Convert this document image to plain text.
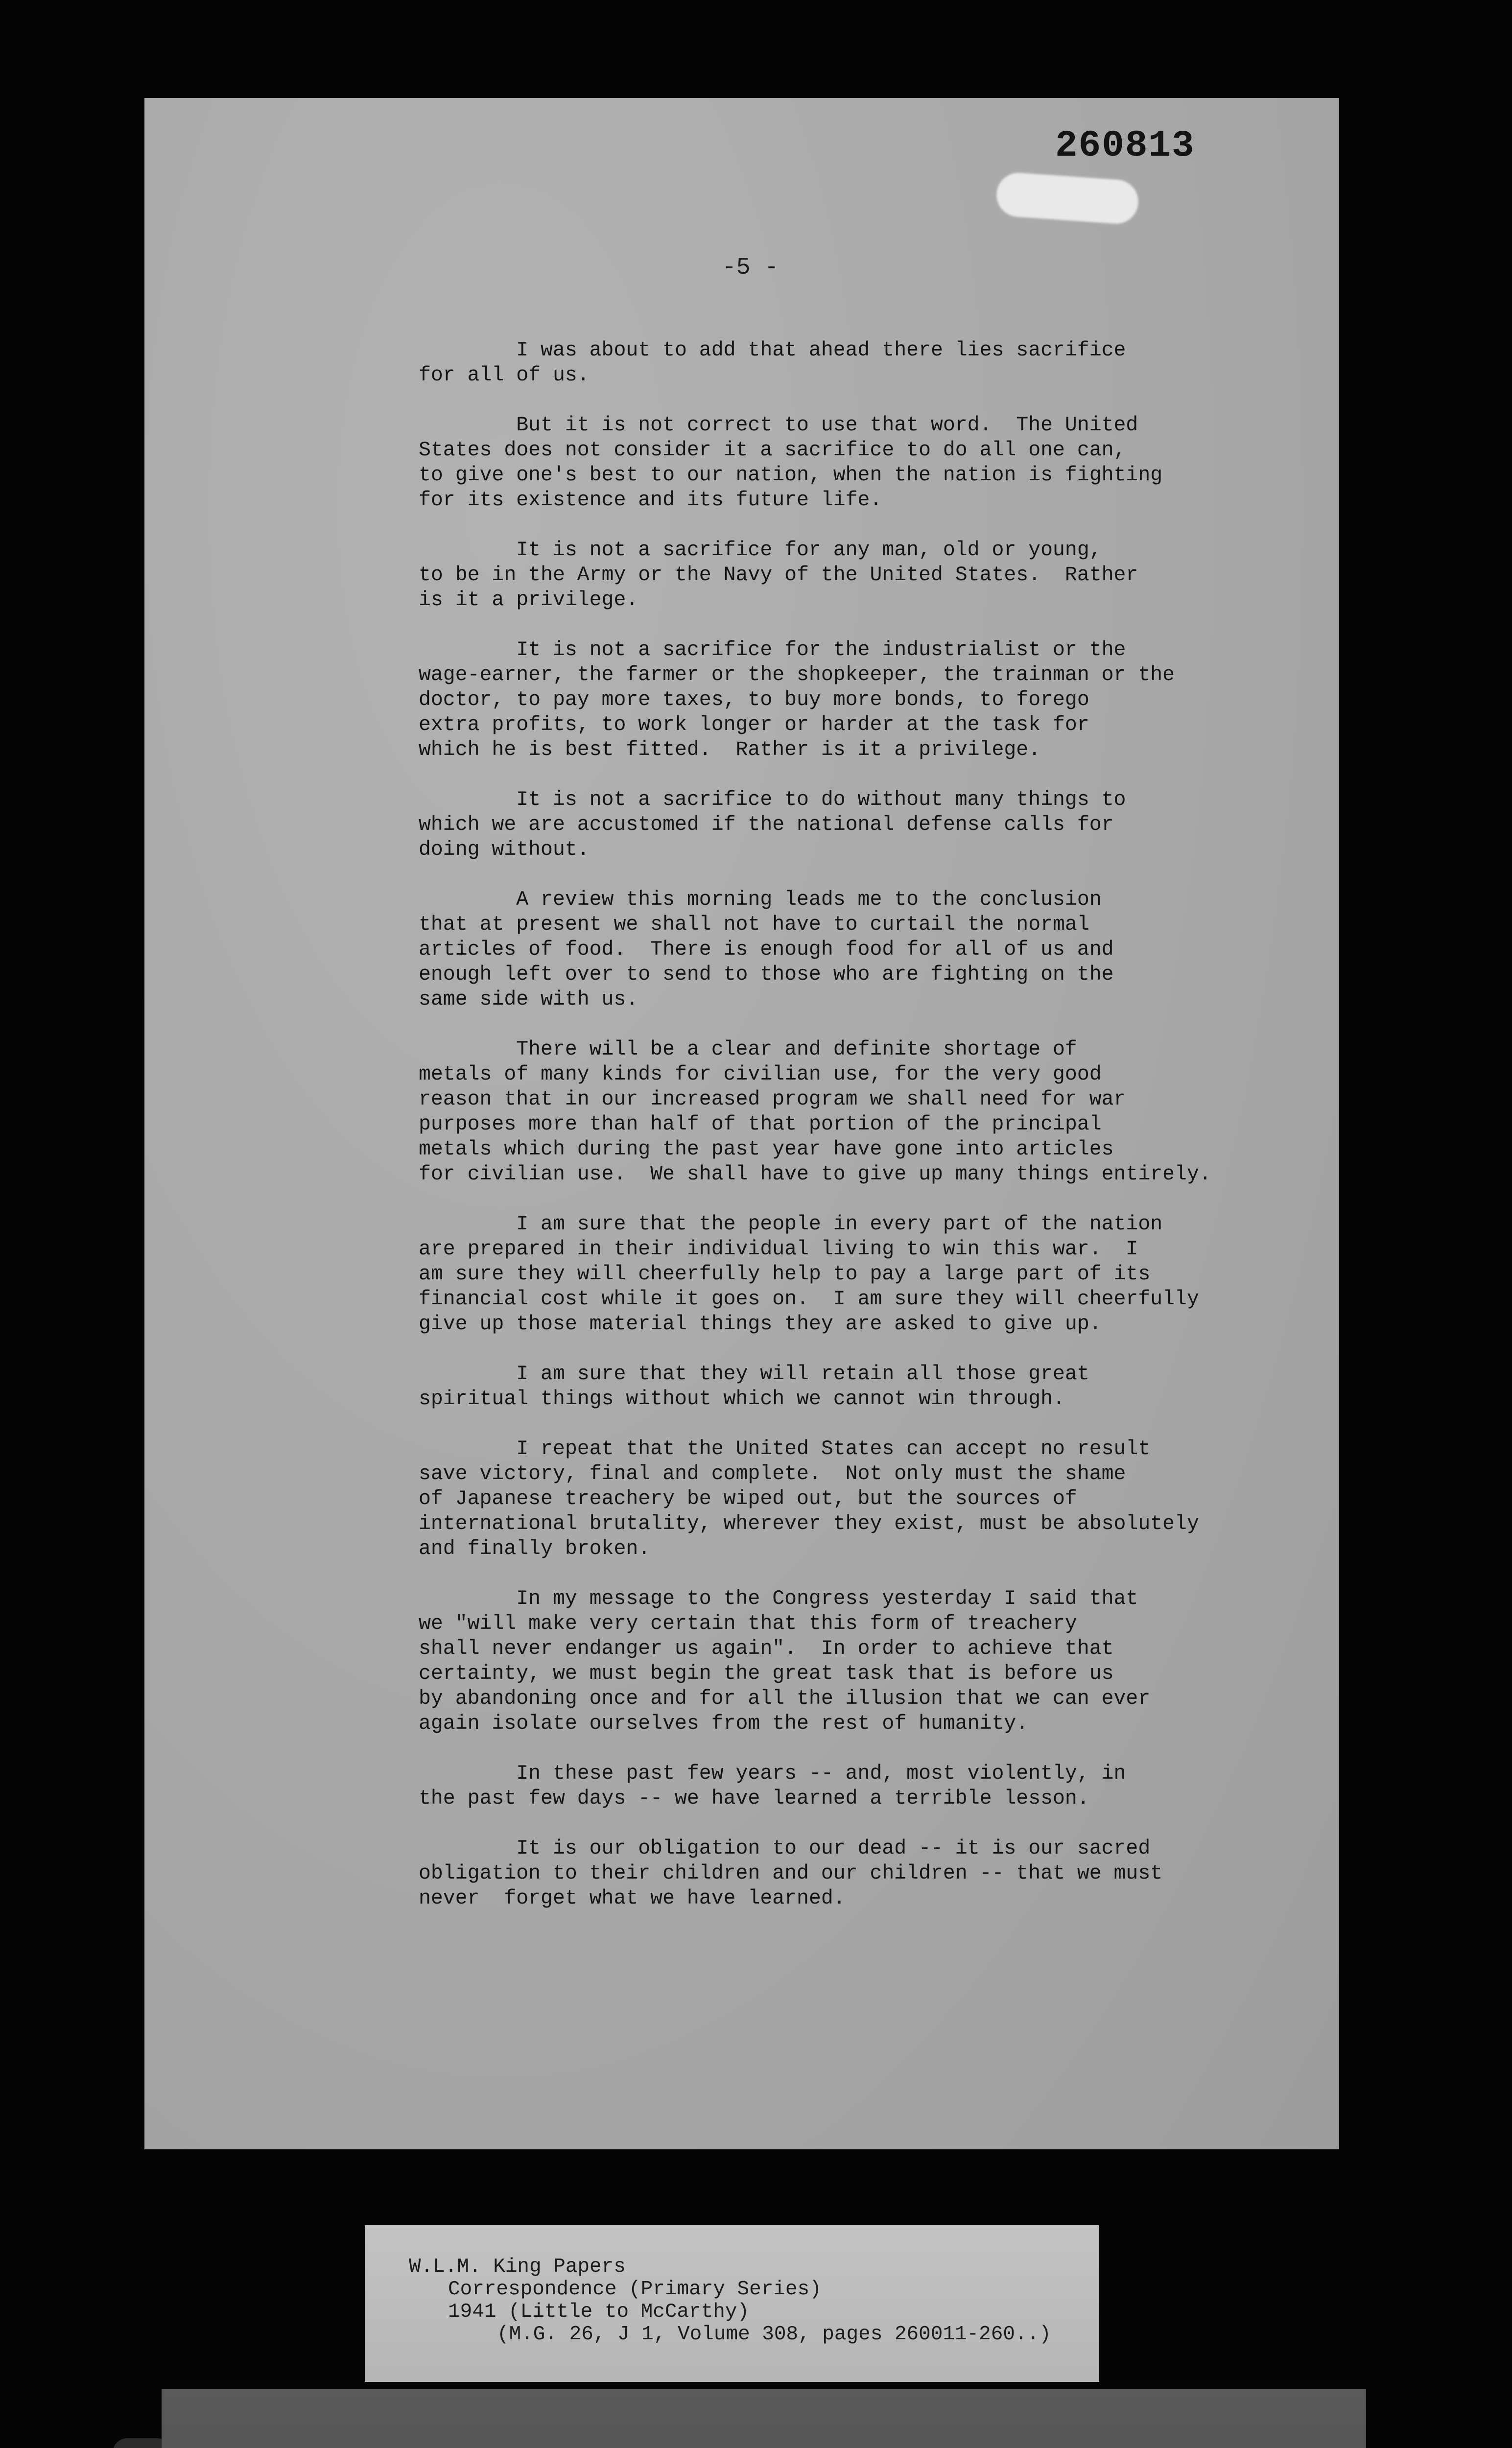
260813
-5 -
I was about to add that ahead there lies sacrifice
for all of us.
But it is not correct to use that word.  The United
States does not consider it a sacrifice to do all one can,
to give one's best to our nation, when the nation is fighting
for its existence and its future life.
It is not a sacrifice for any man, old or young,
to be in the Army or the Navy of the United States.  Rather
is it a privilege.
It is not a sacrifice for the industrialist or the
wage-earner, the farmer or the shopkeeper, the trainman or the
doctor, to pay more taxes, to buy more bonds, to forego
extra profits, to work longer or harder at the task for
which he is best fitted.  Rather is it a privilege.
It is not a sacrifice to do without many things to
which we are accustomed if the national defense calls for
doing without.
A review this morning leads me to the conclusion
that at present we shall not have to curtail the normal
articles of food.  There is enough food for all of us and
enough left over to send to those who are fighting on the
same side with us.
There will be a clear and definite shortage of
metals of many kinds for civilian use, for the very good
reason that in our increased program we shall need for war
purposes more than half of that portion of the principal
metals which during the past year have gone into articles
for civilian use.  We shall have to give up many things entirely.
I am sure that the people in every part of the nation
are prepared in their individual living to win this war.  I
am sure they will cheerfully help to pay a large part of its
financial cost while it goes on.  I am sure they will cheerfully
give up those material things they are asked to give up.
I am sure that they will retain all those great
spiritual things without which we cannot win through.
I repeat that the United States can accept no result
save victory, final and complete.  Not only must the shame
of Japanese treachery be wiped out, but the sources of
international brutality, wherever they exist, must be absolutely
and finally broken.
In my message to the Congress yesterday I said that
we "will make very certain that this form of treachery
shall never endanger us again".  In order to achieve that
certainty, we must begin the great task that is before us
by abandoning once and for all the illusion that we can ever
again isolate ourselves from the rest of humanity.
In these past few years -- and, most violently, in
the past few days -- we have learned a terrible lesson.
It is our obligation to our dead -- it is our sacred
obligation to their children and our children -- that we must
never  forget what we have learned.
W.L.M. King Papers
Correspondence (Primary Series)
1941 (Little to McCarthy)
(M.G. 26, J 1, Volume 308, pages 260011-260..)
